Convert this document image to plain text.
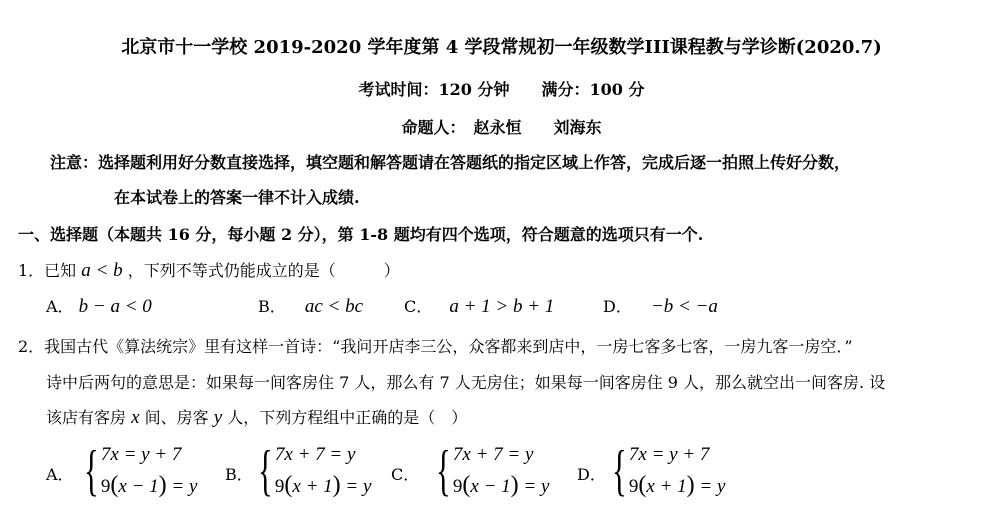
北京市十一学校 2019-2020 学年度第 4 学段常规初一年级数学III课程教与学诊断(2020.7)
考试时间：120 分钟　　满分：100 分
命题人：　赵永恒　　刘海东
注意：选择题利用好分数直接选择，填空题和解答题请在答题纸的指定区域上作答，完成后逐一拍照上传好分数，
在本试卷上的答案一律不计入成绩.
一、选择题（本题共 16 分，每小题 2 分），第 1-8 题均有四个选项，符合题意的选项只有一个.
1．已知 a < b ，下列不等式仍能成立的是（　　　）
A． b − a < 0	B． ac < bc	C． a + 1 > b + 1	D． −b < −a
2．我国古代《算法统宗》里有这样一首诗：“我问开店李三公，众客都来到店中，一房七客多七客，一房九客一房空．”
诗中后两句的意思是：如果每一间客房住 7 人，那么有 7 人无房住；如果每一间客房住 9 人，那么就空出一间客房. 设
该店有客房 x 间、房客 y 人，下列方程组中正确的是（　）
A． { 7x = y + 7
9(x − 1) = y
B． { 7x + 7 = y
9(x + 1) = y
C． { 7x + 7 = y
9(x − 1) = y
D． { 7x = y + 7
9(x + 1) = y
